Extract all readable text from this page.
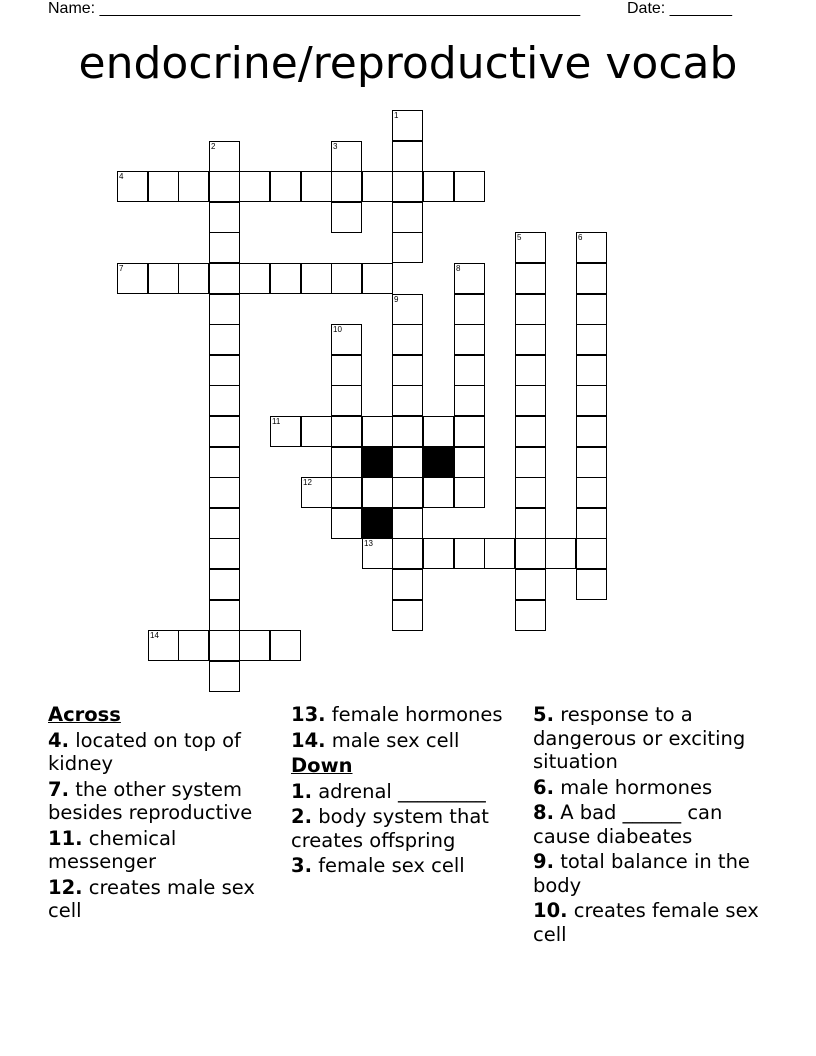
Name: ______________________________________________________	Date: _______
endocrine/reproductive vocab
1
2	3
4
5	6
7	8
9
10
11
12
13
14
Across
4. located on top of kidney
7. the other system besides reproductive
11. chemical messenger
12. creates male sex cell
13. female hormones
14. male sex cell
Down
1. adrenal _________
2. body system that creates offspring
3. female sex cell
5. response to a dangerous or exciting situation
6. male hormones
8. A bad ______ can cause diabeates
9. total balance in the body
10. creates female sex cell
